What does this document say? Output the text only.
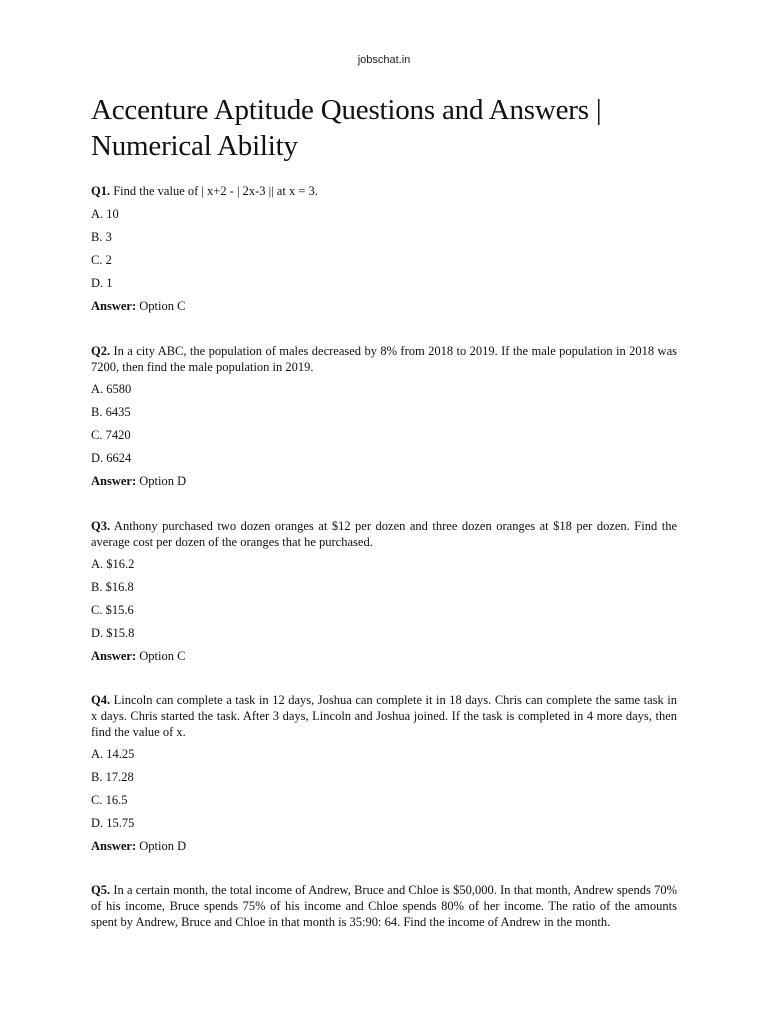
jobschat.in
Accenture Aptitude Questions and Answers |
Numerical Ability

Q1. Find the value of | x+2 - | 2x-3 || at x = 3.

A. 10

B. 3

C. 2

D. 1

Answer: Option C

Q2. In a city ABC, the population of males decreased by 8% from 2018 to 2019. If the male population in 2018 was 7200, then find the male population in 2019.

A. 6580

B. 6435

C. 7420

D. 6624

Answer: Option D

Q3. Anthony purchased two dozen oranges at $12 per dozen and three dozen oranges at $18 per dozen. Find the average cost per dozen of the oranges that he purchased.

A. $16.2

B. $16.8

C. $15.6

D. $15.8

Answer: Option C

Q4. Lincoln can complete a task in 12 days, Joshua can complete it in 18 days. Chris can complete the same task in x days. Chris started the task. After 3 days, Lincoln and Joshua joined. If the task is completed in 4 more days, then find the value of x.

A. 14.25

B. 17.28

C. 16.5

D. 15.75

Answer: Option D

Q5. In a certain month, the total income of Andrew, Bruce and Chloe is $50,000. In that month, Andrew spends 70% of his income, Bruce spends 75% of his income and Chloe spends 80% of her income. The ratio of the amounts spent by Andrew, Bruce and Chloe in that month is 35:90: 64. Find the income of Andrew in the month.
